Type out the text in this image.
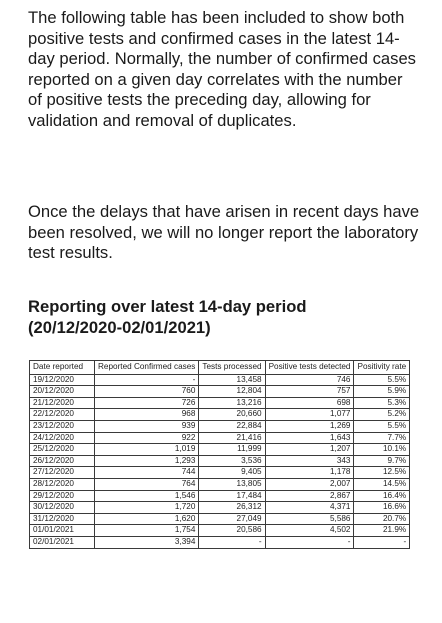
The following table has been included to show both positive tests and confirmed cases in the latest 14-day period. Normally, the number of confirmed cases reported on a given day correlates with the number of positive tests the preceding day, allowing for validation and removal of duplicates.

Once the delays that have arisen in recent days have been resolved, we will no longer report the laboratory test results.

Reporting over latest 14-day period
(20/12/2020-02/01/2021)
Date reported	Reported Confirmed cases	Tests processed	Positive tests detected	Positivity rate
19/12/2020	-	13,458	746	5.5%
20/12/2020	760	12,804	757	5.9%
21/12/2020	726	13,216	698	5.3%
22/12/2020	968	20,660	1,077	5.2%
23/12/2020	939	22,884	1,269	5.5%
24/12/2020	922	21,416	1,643	7.7%
25/12/2020	1,019	11,999	1,207	10.1%
26/12/2020	1,293	3,536	343	9.7%
27/12/2020	744	9,405	1,178	12.5%
28/12/2020	764	13,805	2,007	14.5%
29/12/2020	1,546	17,484	2,867	16.4%
30/12/2020	1,720	26,312	4,371	16.6%
31/12/2020	1,620	27,049	5,586	20.7%
01/01/2021	1,754	20,586	4,502	21.9%
02/01/2021	3,394	-	-	-
